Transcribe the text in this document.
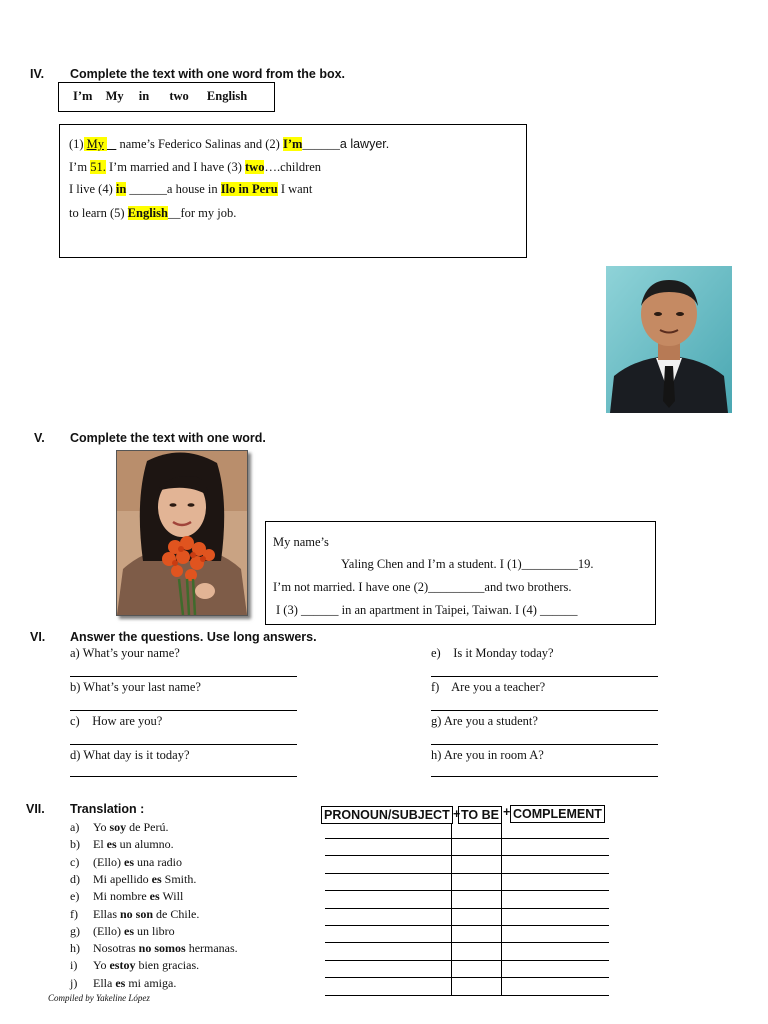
IV. Complete the text with one word from the box.
I’m My in two English
(1) My name’s Federico Salinas and (2) I’m______a lawyer.
I’m 51. I’m married and I have (3) two….children
I live (4) in ______a house in Ilo in Peru I want
to learn (5) English__for my job.
V. Complete the text with one word.
My name’s
Yaling Chen and I’m a student. I (1)_________19.
I’m not married. I have one (2)_________and two brothers.
I (3) ______ in an apartment in Taipei, Taiwan. I (4) ______
VI. Answer the questions. Use long answers.
a) What’s your name?
b) What’s your last name?
c)    How are you?
d) What day is it today?
e)    Is it Monday today?
f)    Are you a teacher?
g) Are you a student?
h) Are you in room A?
VII. Translation :
a) Yo soy de Perú.
b) El es un alumno.
c) (Ello) es una radio
d) Mi apellido es Smith.
e) Mi nombre es Will
f) Ellas no son de Chile.
g) (Ello) es un libro
h) Nosotras no somos hermanas.
i) Yo estoy bien gracias.
j) Ella es mi amiga.
PRONOUN/SUBJECT + TO BE + COMPLEMENT
Compiled by Yakeline López
